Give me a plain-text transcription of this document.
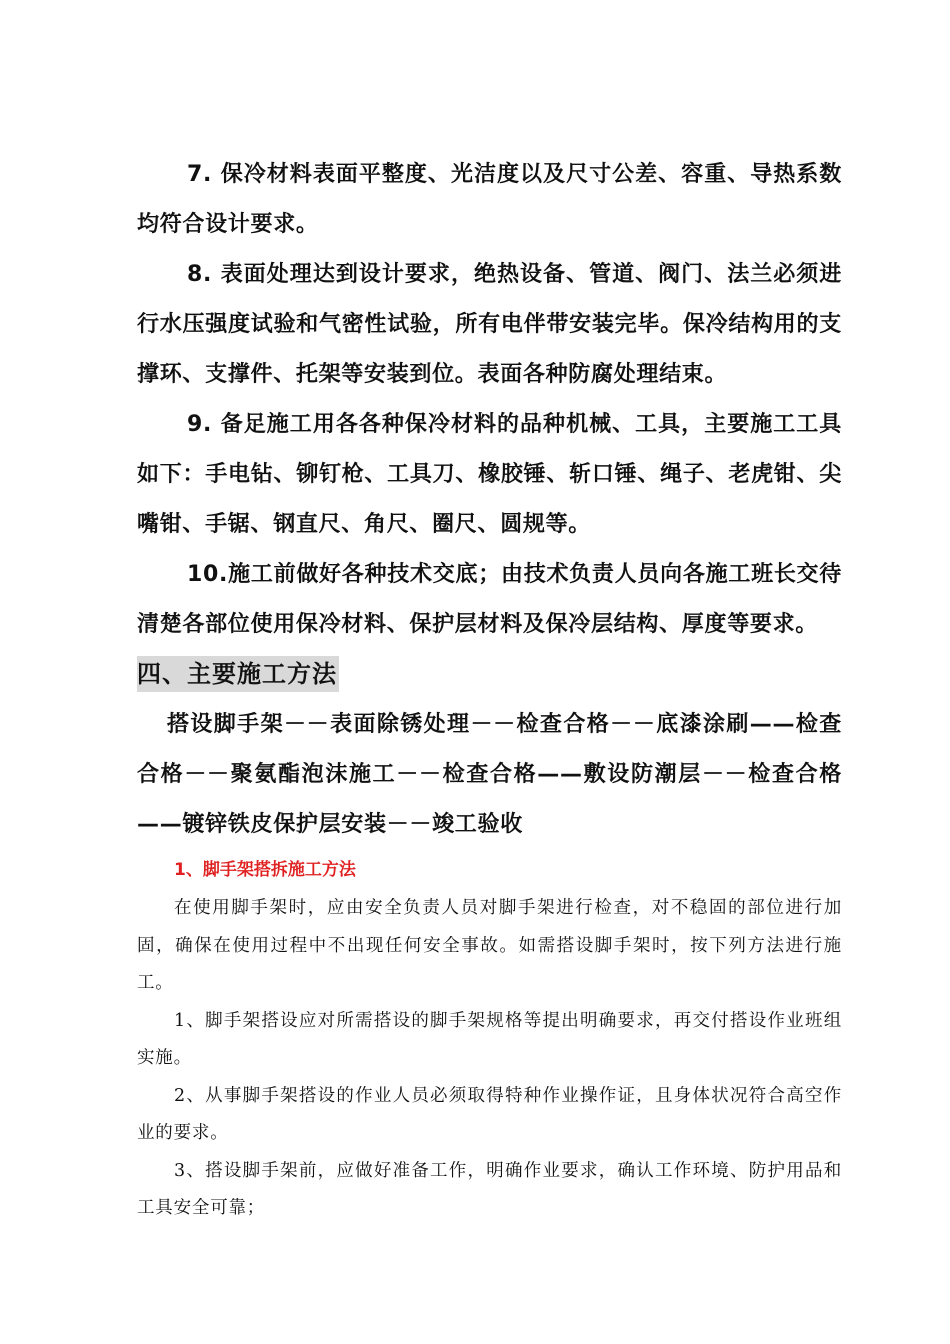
7. 保冷材料表面平整度、光洁度以及尺寸公差、容重、导热系数均符合设计要求。

8. 表面处理达到设计要求，绝热设备、管道、阀门、法兰必须进行水压强度试验和气密性试验，所有电伴带安装完毕。保冷结构用的支撑环、支撑件、托架等安装到位。表面各种防腐处理结束。

9. 备足施工用各各种保冷材料的品种机械、工具，主要施工工具如下：手电钻、铆钉枪、工具刀、橡胶锤、斩口锤、绳子、老虎钳、尖嘴钳、手锯、钢直尺、角尺、圈尺、圆规等。

10.施工前做好各种技术交底；由技术负责人员向各施工班长交待清楚各部位使用保冷材料、保护层材料及保冷层结构、厚度等要求。

四、主要施工方法

搭设脚手架－－表面除锈处理－－检查合格－－底漆涂刷——检查合格－－聚氨酯泡沫施工－－检查合格——敷设防潮层－－检查合格——镀锌铁皮保护层安装－－竣工验收

1、脚手架搭拆施工方法

在使用脚手架时，应由安全负责人员对脚手架进行检查，对不稳固的部位进行加固，确保在使用过程中不出现任何安全事故。如需搭设脚手架时，按下列方法进行施工。

1、脚手架搭设应对所需搭设的脚手架规格等提出明确要求，再交付搭设作业班组实施。

2、从事脚手架搭设的作业人员必须取得特种作业操作证，且身体状况符合高空作业的要求。

3、搭设脚手架前，应做好准备工作，明确作业要求，确认工作环境、防护用品和工具安全可靠；
